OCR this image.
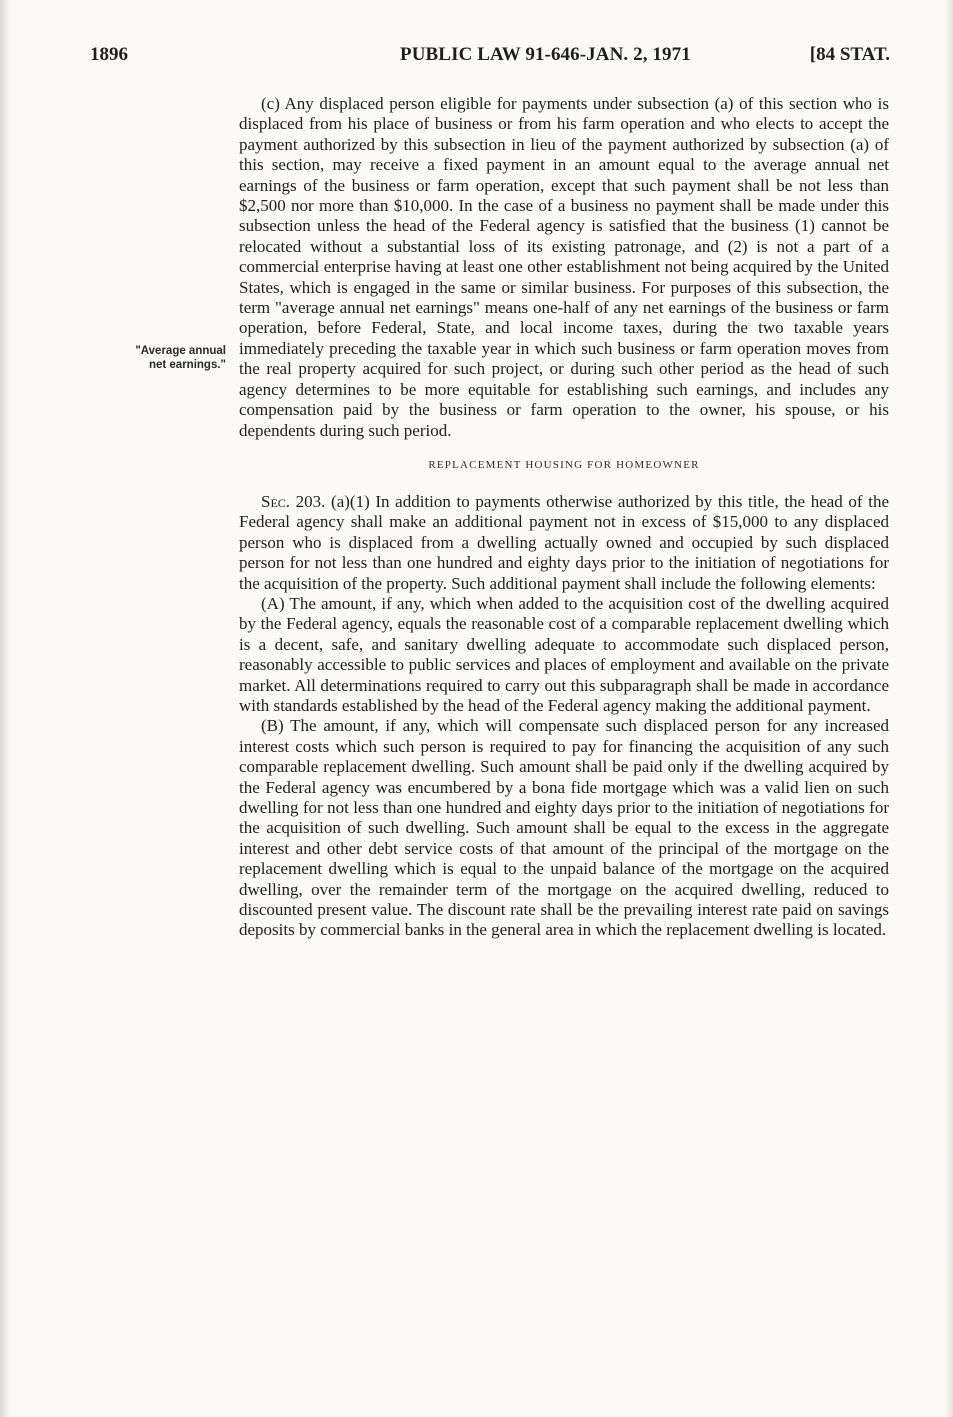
1896	PUBLIC LAW 91-646-JAN. 2, 1971	[84 STAT.
"Average annual
net earnings."

(c) Any displaced person eligible for payments under subsection (a) of this section who is displaced from his place of business or from his farm operation and who elects to accept the payment authorized by this subsection in lieu of the payment authorized by subsection (a) of this section, may receive a fixed payment in an amount equal to the average annual net earnings of the business or farm operation, except that such payment shall be not less than $2,500 nor more than $10,000. In the case of a business no payment shall be made under this subsection unless the head of the Federal agency is satisfied that the business (1) cannot be relocated without a substantial loss of its existing patronage, and (2) is not a part of a commercial enterprise having at least one other establishment not being acquired by the United States, which is engaged in the same or similar business. For purposes of this subsection, the term "average annual net earnings" means one-half of any net earnings of the business or farm operation, before Federal, State, and local income taxes, during the two taxable years immediately preceding the taxable year in which such business or farm operation moves from the real property acquired for such project, or during such other period as the head of such agency determines to be more equitable for establishing such earnings, and includes any compensation paid by the business or farm operation to the owner, his spouse, or his dependents during such period.

REPLACEMENT HOUSING FOR HOMEOWNER

Sec. 203. (a)(1) In addition to payments otherwise authorized by this title, the head of the Federal agency shall make an additional payment not in excess of $15,000 to any displaced person who is displaced from a dwelling actually owned and occupied by such displaced person for not less than one hundred and eighty days prior to the initiation of negotiations for the acquisition of the property. Such additional payment shall include the following elements:

(A) The amount, if any, which when added to the acquisition cost of the dwelling acquired by the Federal agency, equals the reasonable cost of a comparable replacement dwelling which is a decent, safe, and sanitary dwelling adequate to accommodate such displaced person, reasonably accessible to public services and places of employment and available on the private market. All determinations required to carry out this subparagraph shall be made in accordance with standards established by the head of the Federal agency making the additional payment.

(B) The amount, if any, which will compensate such displaced person for any increased interest costs which such person is required to pay for financing the acquisition of any such comparable replacement dwelling. Such amount shall be paid only if the dwelling acquired by the Federal agency was encumbered by a bona fide mortgage which was a valid lien on such dwelling for not less than one hundred and eighty days prior to the initiation of negotiations for the acquisition of such dwelling. Such amount shall be equal to the excess in the aggregate interest and other debt service costs of that amount of the principal of the mortgage on the replacement dwelling which is equal to the unpaid balance of the mortgage on the acquired dwelling, over the remainder term of the mortgage on the acquired dwelling, reduced to discounted present value. The discount rate shall be the prevailing interest rate paid on savings deposits by commercial banks in the general area in which the replacement dwelling is located.
